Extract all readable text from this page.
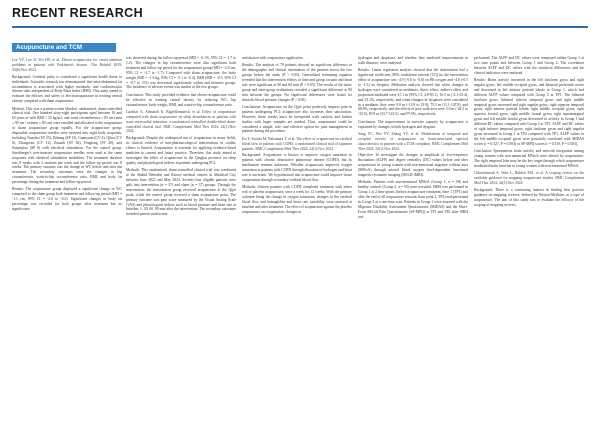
RECENT RESEARCH
Acupuncture and TCM
Lee YY, Lee JJ, Wu HY, et al. Electro-acupuncture for visual attention problems in patients with Parkinson's disease. Clin Rehabil 2019; 33(6):Nov 2024.
Background: Cerebral palsy is considered a significant health threat to individuals. Scientific research has demonstrated that intra-abdominal fat accumulation is associated with higher metabolic and cardiovascular disease risks independent of Body Mass Index (BMI). This study aimed to evaluate the efficacy and safety of electroacupuncture in treating central obesity compared with sham acupuncture.
Method: This was a patient-screen blinded, randomised, sham-controlled clinical trial. One hundred sixty-eight participants aged between 18 and 65 years of with BMI ≥ 25 kg/m2, and waist circumference ≥ 85 cm (men ≥ 90 cm / women ≥ 80 cm) were enrolled and allocated to the acupuncture or sham acupuncture group equally. For the acupuncture group, disposable acupuncture needles were inserted into eight body acupoints, including Tianshu (ST 25), Daheng (SP 15), Guanyuan (CV 4), Qihai (CV 6), Zhongwan (CV 12), Zusanli (ST 36), Fenglong (ST 40), and Sanyinjiao (SP 6) with electrical stimulation. For the control group, Streitberger's non-invasive acupuncture needles were used at the same acupoints with identical stimulation modalities. The treatment duration was 8 weeks with 2 sessions per week and the follow-up period was 8 weeks. The primary outcome was the change in WC before and after the treatment. The secondary outcomes were the changes in hip circumference, waist-to-hip circumference ratio, BMI, and body fat percentage during the treatment and follow-up period.
Results: The acupuncture group displayed a significant change in WC compared to the sham group both treatment and follow-up period (MD = -1.1 cm, 95% CI = -2.0 to -0.2). Significant changes in body fat percentage was recorded for both groups after treatment but no significance
was observed during the follow-up period (MD = -0.1%, 95% CI = -1.7 to 1.2). The changes in hip circumference were also significant both treatment and follow-up period for the acupuncture group (MD = -2.0 cm, 95% CI = -3.7 to -1.7). Compared with sham acupuncture, the body weight (MD = -1.6 kg, 95% CI = -3.1 to -0.2), BMI (MD = -0.5, 95% CI = -0.7 to -0.5) was decreased significantly within and between groups. The incidence of adverse events was similar in the two groups.
Conclusion: This study provided evidence that electro-acupuncture could be effective in treating central obesity by reducing WC, hip circumference, body weight, BMI, and waist-to-hip circumference ratio.
Gariblar A, Ahmandi K, Bigdellomanish, et al. Effect of acupuncture compared with sham acupuncture on sleep disturbances in patients with acute myocardial infarction: a randomized controlled double-blind sham-controlled clinical trial. BMC Complement Med Ther 2024; 24(1):Nov 2024.
Background: Despite the widespread use of acupuncture in many fields, its clinical evidence of non-pharmacological interventions in cardiac clinics is limited. Acupuncture is essential for applying evidence-based medicine to current and future practice. Therefore, this study aimed to investigate the effect of acupuncture in the Qinghai province on sleep quality and physiological indices in patients undergoing PCI.
Methods: This randomised, sham-controlled clinical trial was conducted at the Shahid Beheshti and Razavi medical centres in Mashhad City between June 2022 and May 2023. Seventy-four eligible patients were split into intervention (n = 37) and sham (n = 37) groups. Through the intervention, the intervention group received acupuncture at the Qijie point, while the control group received a sham acupuncture point. The primary outcome was pain score measured by the Visual Analog Scale (VAS) and physiological indices such as blood pressure and heart rate at baseline, 1, 30, 60, 90 min after the intervention. The secondary outcomes included patient satisfaction,
satisfaction with acupuncture application.
Results: The analysis of 70 patients showed no significant difference in the demographic and clinical information of the patients across the two groups before the study (P > 0.05). Generalised estimating equation revealed that the intervention effects of time and group on pain and heart rate were significant at 90 and 60 min (P < 0.05). The results of the intra-group and inter-group evaluations revealed a significant difference at 90 min between the groups. No significant differences were found for diastolic blood pressure changes (P > 0.05).
Conclusions: Acupuncture on the Qijie point positively impacts pain in patients undergoing PCI; acupuncture also increases their satisfaction. However, these results must be interpreted with caution, and further studies with larger samples are needed. Thus, acupuncture could be considered a simple, safe, and effective option for pain management in patients during the procedure.
Ku Y, Suzuki M, Nakamura T, et al. The effect of acupuncture on cerebral blood flow in patients with COPD: a randomized clinical trial of Japanese patients. BMC Complement Med Ther 2024; 24(1):Nov 2024.
Background: Acupuncture is known to improve oxygen saturation in patients with chronic obstructive pulmonary disease (COPD), but its mechanism remains unknown. Whether acupuncture improves oxygen saturation in patients with COPD through alteration of hydrogen and heart rate is uncertain. We hypothesised that acupuncture could improve tissue oxygenation through secondary cerebral blood flow.
Methods: Sixteen patients with COPD completed treatment with either real or placebo acupuncture, once a week for 12 weeks. With the primary outcome being the change in oxygen saturation, changes in the cerebral blood flow and hemoglobin and heart rate variability were assessed at baseline and after treatment. The effect of acupuncture against the placebo acupuncture on oxygenation, changes in
hydrogen and dyspnoea, and whether they mediated improvements in walk distance, were analysed.
Results: Linear regression analysis showed that the intervention had a significant coefficient [95% confidence interval (CI)] for the intervention effect of acupuncture was -4.9 (-9.8 to -0.0) on Hb oxygen and -4.0 (-6.5 to -1.5) on dyspnea. Mediation analysis showed that when changes in hydrogen were considered as mediators, direct effect, indirect effect and proportion mediated were 47.1 m (95% CI, 4.8-95.1), 16.5 m (-2.1-43.4), and 25.1%, respectively, and when changes in dyspnoea were considered as a mediator, they were 9.8 m (-13.9 to 33.9), 75.5 m (11.1-147.8), and 88.6%, respectively, and the effects of post walk area were 5.0 m (-24.5 to -33.5), 80.9 m (33.7-143.5), and 97.0%, respectively.
Conclusion: The improvement in exercise capacity by acupuncture is explained by changes in both hydrogen and dyspnea.
Yang YC, Wei YY, Zhang YY, et al. Modulations of temporal and occipital activity of acupuncture on brain-associated spectral characteristics in patients with a TCM complaint. BMC Complement Med Ther 2024; 24(1):Nov 2024.
Objective: To investigate the changes in amplitude of low-frequency fluctuation (ALFF) and degree centrality (DC) values before and after acupuncture in young women with non-menstrual migraine without aura (MWoA) through arterial blood oxygen level-dependent functional magnetic resonance imaging (BOLD-fMRI).
Methods: Patients with non-menstrual MWoA (Group 1, n = 58) and healthy controls (Group 2, n = 50) were recruited. fMRI was performed in Group 1 at 2 time points (before acupuncture treatment, time 1 (TP1) and after the end of all acupuncture sessions from point 2, TP2) and performed in Group 2 at a one-time scan. Patients in Group 1 were assessed with the Migraine Disability Assessment Questionnaire (MIDAS) and the Short-Form McGill Pain Questionnaire (SF-MPQ) at TP1 and TP2 after fMRI was
performed. The ALFF and DC values were compared within Group 1 at two time points and between Group 1 and Group 2. The correlation between ALFF and DC values with the statistical differences and the clinical indicators were analysed.
Results: Brain activity increased in the left fusiform gyrus and right angular gyrus, left middle occipital gyrus, and bilateral prefrontal cortex and decreased in left inferior parietal lobule in Group 1, which had different ALFF values compared with Group 2 at TP1. The bilateral fusiform gyrus, bilateral inferior temporal gyrus and right middle temporal gyrus increased and right angular gyrus, right superior temporal gyrus, right inferior parietal lobule, right middle occipital gyrus, right superior frontal gyrus, right middle frontal gyrus, right supramarginal gyrus and left middle frontal gyrus decreased in activity in Group 1 had different DC values compared with Group 2 at TP1. ALFF and DC values of right inferior temporal gyrus, right fusiform gyrus and right angular gyrus increased in Group 1 at TP2 compared with TP1. ALFF values in the left middle occipital gyrus were positively correlated with MIDAS scores (r = 0.327, P = 0.003) or SF-MPQ scores (r = 0.319, P = 0.003).
Conclusion: Spontaneous brain activity and network integration among young women with non-menstrual MWoA were altered by acupuncture. The right temporal lobe may be the key target through which acupuncture modulated brain function in young women with non-menstrual MWoA.
Chlorobimark A, Wais L, Babbitt MA, et al. A scoping review on the available guidance for mapping acupuncture studies. BMC Complement Med Ther 2024; 24(1):Nov 2024.
Background: There is a continuing interest in finding best practice guidance on mapping reviews, defined by Weston-Medicins as a type of acupuncture. The aim of this study was to evaluate the efficacy of the scoping of mapping reviews.
